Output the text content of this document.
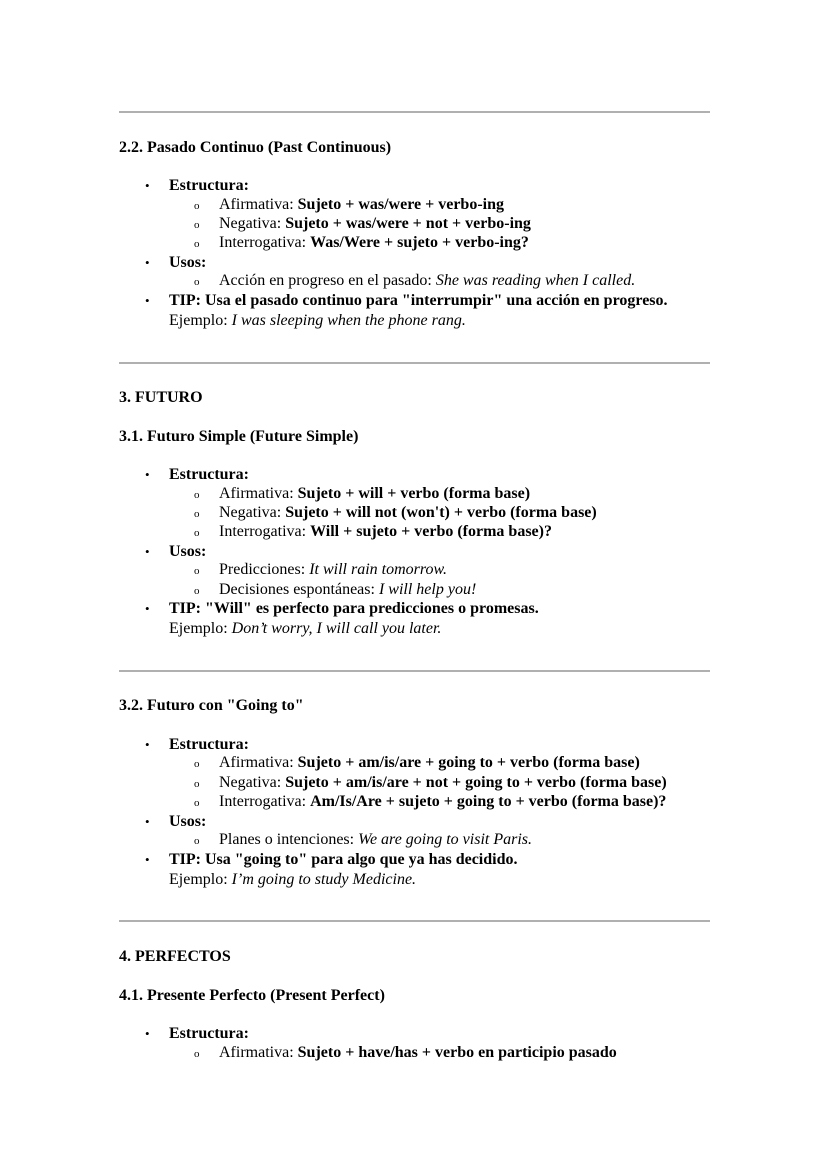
2.2. Pasado Continuo (Past Continuous)
• Estructura:
o Afirmativa: Sujeto + was/were + verbo-ing
o Negativa: Sujeto + was/were + not + verbo-ing
o Interrogativa: Was/Were + sujeto + verbo-ing?
• Usos:
o Acción en progreso en el pasado: She was reading when I called.
• TIP: Usa el pasado continuo para "interrumpir" una acción en progreso.
Ejemplo: I was sleeping when the phone rang.
3. FUTURO
3.1. Futuro Simple (Future Simple)
• Estructura:
o Afirmativa: Sujeto + will + verbo (forma base)
o Negativa: Sujeto + will not (won't) + verbo (forma base)
o Interrogativa: Will + sujeto + verbo (forma base)?
• Usos:
o Predicciones: It will rain tomorrow.
o Decisiones espontáneas: I will help you!
• TIP: "Will" es perfecto para predicciones o promesas.
Ejemplo: Don’t worry, I will call you later.
3.2. Futuro con "Going to"
• Estructura:
o Afirmativa: Sujeto + am/is/are + going to + verbo (forma base)
o Negativa: Sujeto + am/is/are + not + going to + verbo (forma base)
o Interrogativa: Am/Is/Are + sujeto + going to + verbo (forma base)?
• Usos:
o Planes o intenciones: We are going to visit Paris.
• TIP: Usa "going to" para algo que ya has decidido.
Ejemplo: I’m going to study Medicine.
4. PERFECTOS
4.1. Presente Perfecto (Present Perfect)
• Estructura:
o Afirmativa: Sujeto + have/has + verbo en participio pasado
